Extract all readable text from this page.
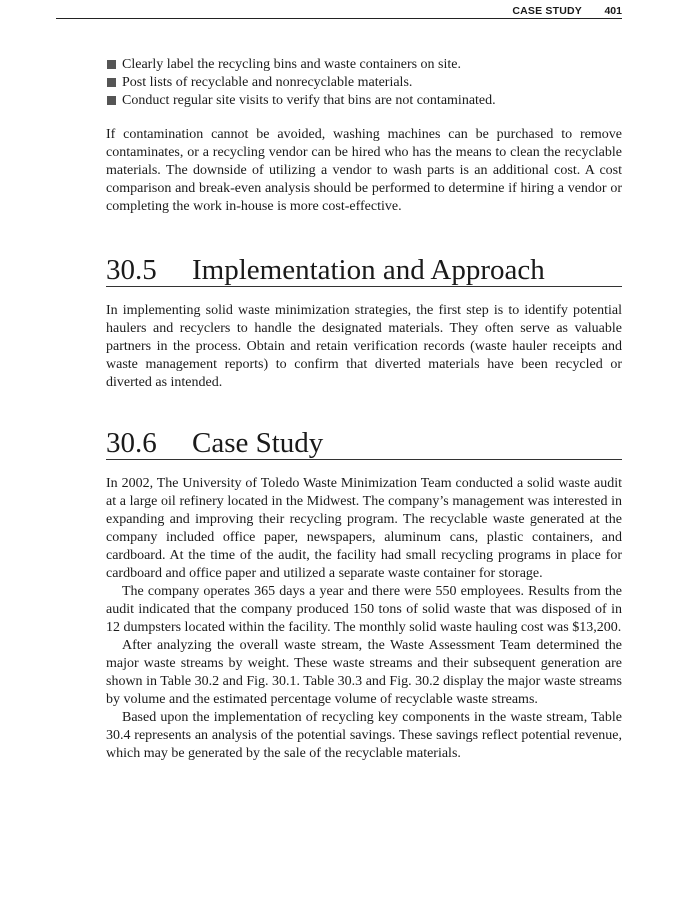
CASE STUDY 401
Clearly label the recycling bins and waste containers on site.
Post lists of recyclable and nonrecyclable materials.
Conduct regular site visits to verify that bins are not contaminated.

If contamination cannot be avoided, washing machines can be purchased to remove contaminates, or a recycling vendor can be hired who has the means to clean the recyclable materials. The downside of utilizing a vendor to wash parts is an additional cost. A cost comparison and break-even analysis should be performed to determine if hiring a vendor or completing the work in-house is more cost-effective.

30.5 Implementation and Approach

In implementing solid waste minimization strategies, the first step is to identify potential haulers and recyclers to handle the designated materials. They often serve as valuable partners in the process. Obtain and retain verification records (waste hauler receipts and waste management reports) to confirm that diverted materials have been recycled or diverted as intended.

30.6 Case Study

In 2002, The University of Toledo Waste Minimization Team conducted a solid waste audit at a large oil refinery located in the Midwest. The company’s management was interested in expanding and improving their recycling program. The recyclable waste generated at the company included office paper, newspapers, aluminum cans, plastic containers, and cardboard. At the time of the audit, the facility had small recycling programs in place for cardboard and office paper and utilized a separate waste container for storage.

The company operates 365 days a year and there were 550 employees. Results from the audit indicated that the company produced 150 tons of solid waste that was disposed of in 12 dumpsters located within the facility. The monthly solid waste hauling cost was $13,200.

After analyzing the overall waste stream, the Waste Assessment Team determined the major waste streams by weight. These waste streams and their subsequent generation are shown in Table 30.2 and Fig. 30.1. Table 30.3 and Fig. 30.2 display the major waste streams by volume and the estimated percentage volume of recyclable waste streams.

Based upon the implementation of recycling key components in the waste stream, Table 30.4 represents an analysis of the potential savings. These savings reflect potential revenue, which may be generated by the sale of the recyclable materials.
